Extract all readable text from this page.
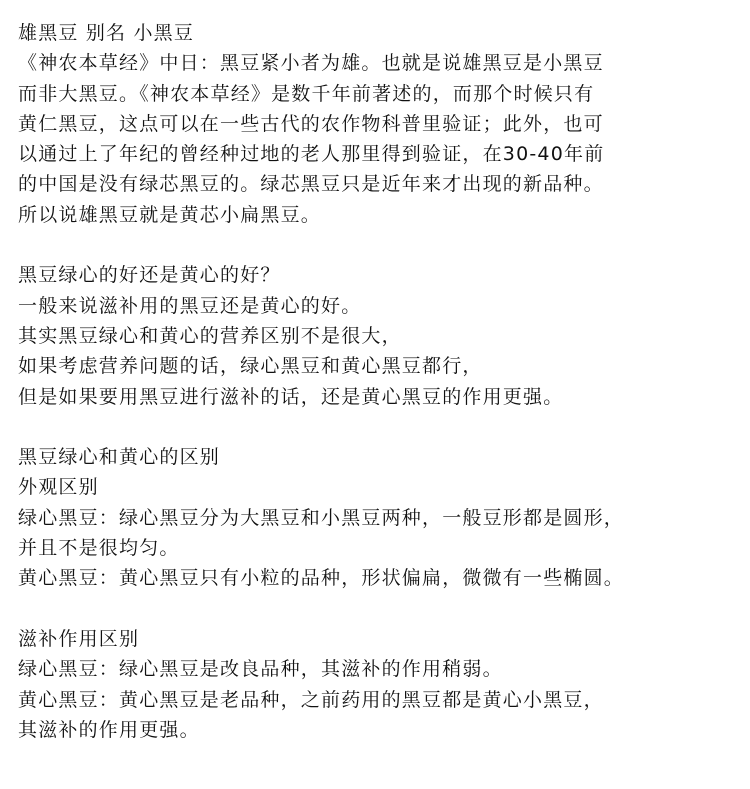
雄黑豆 别名 小黑豆
《神农本草经》中日：黑豆紧小者为雄。也就是说雄黑豆是小黑豆
而非大黑豆。《神农本草经》是数千年前著述的，而那个时候只有
黄仁黑豆，这点可以在一些古代的农作物科普里验证；此外，也可
以通过上了年纪的曾经种过地的老人那里得到验证，在30-40年前
的中国是没有绿芯黑豆的。绿芯黑豆只是近年来才出现的新品种。
所以说雄黑豆就是黄芯小扁黑豆。
黑豆绿心的好还是黄心的好？
一般来说滋补用的黑豆还是黄心的好。
其实黑豆绿心和黄心的营养区别不是很大，
如果考虑营养问题的话，绿心黑豆和黄心黑豆都行，
但是如果要用黑豆进行滋补的话，还是黄心黑豆的作用更强。
黑豆绿心和黄心的区别
外观区别
绿心黑豆：绿心黑豆分为大黑豆和小黑豆两种，一般豆形都是圆形，
并且不是很均匀。
黄心黑豆：黄心黑豆只有小粒的品种，形状偏扁，微微有一些椭圆。
滋补作用区别
绿心黑豆：绿心黑豆是改良品种，其滋补的作用稍弱。
黄心黑豆：黄心黑豆是老品种，之前药用的黑豆都是黄心小黑豆，
其滋补的作用更强。
